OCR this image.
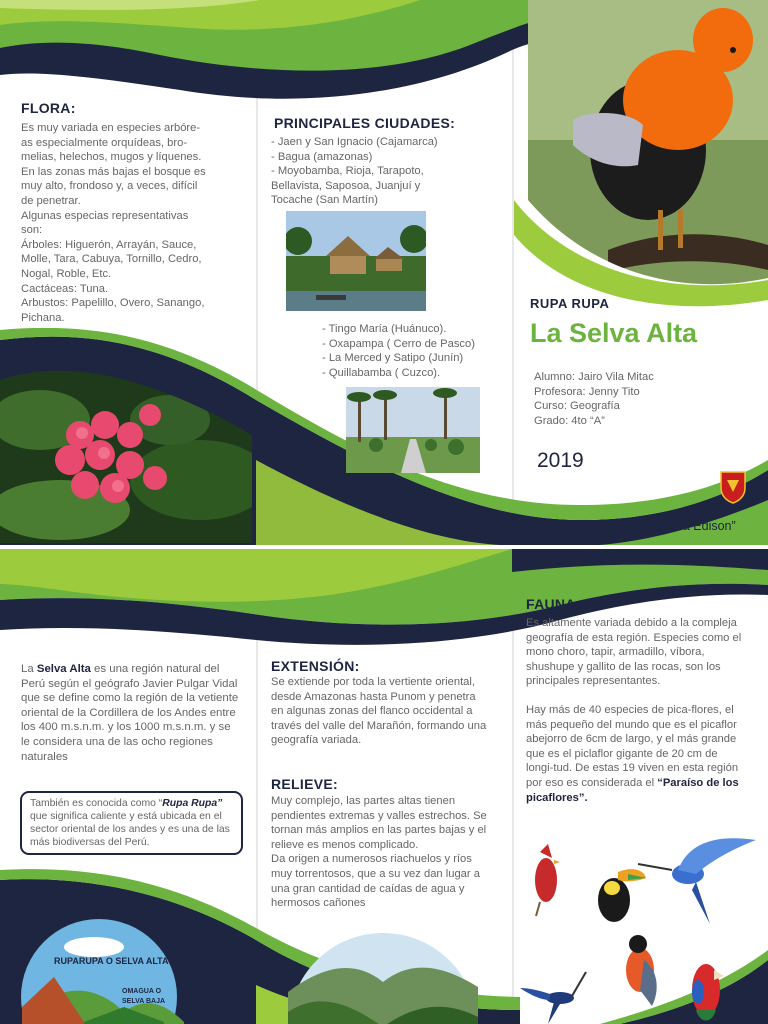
FLORA:

Es muy variada en especies arbóre-

as especialmente orquídeas, bro-

melias, helechos, mugos y líquenes.

En las zonas más bajas el bosque es

muy alto, frondoso y, a veces, difícil

de penetrar.

Algunas especias representativas

son:

Árboles: Higuerón, Arrayán, Sauce,

Molle, Tara, Cabuya, Tornillo, Cedro,

Nogal, Roble, Etc.

Cactáceas: Tuna.

Arbustos: Papelillo, Overo, Sanango,

Pichana.

PRINCIPALES CIUDADES:

- Jaen y San Ignacio (Cajamarca)

- Bagua (amazonas)

- Moyobamba, Rioja, Tarapoto,

Bellavista, Saposoa, Juanjuí y

Tocache (San Martín)

- Tingo María (Huánuco).

- Oxapampa ( Cerro de Pasco)

- La Merced y Satipo (Junín)

- Quillabamba ( Cuzco).

RUPA RUPA
La Selva Alta
Alumno: Jairo Vila Mitac
Profesora: Jenny Tito
Curso: Geografía
Grado: 4to “A”
2019
IEP “Thomás Alva Edison”
La Selva Alta es una región natural del Perú según el geógrafo Javier Pulgar Vidal que se define como la región de la vetiente oriental de la Cordillera de los Andes entre los 400 m.s.n.m. y los 1000 m.s.n.m. y se le considera una de las ocho regiones naturales
También es conocida como “Rupa Rupa” que significa caliente y está ubicada en el sector oriental de los andes y es una de las más biodiversas del Perú.
RUPARUPA O SELVA ALTA
OMAGUA O
SELVA BAJA
EXTENSIÓN:
Se extiende por toda la vertiente oriental, desde Amazonas hasta Punom y penetra en algunas zonas del flanco occidental a través del valle del Marañón, formando una geografía variada.
RELIEVE:

Muy complejo, las partes altas tienen pendientes extremas y valles estrechos. Se tornan más amplios en las partes bajas y el relieve es menos complicado.

Da origen a numerosos riachuelos y ríos muy torrentosos, que a su vez dan lugar a una gran cantidad de caídas de agua y hermosos cañones

FAUNA:

Es altamente variada debido a la compleja geografía de esta región. Especies como el mono choro, tapir, armadillo, víbora, shushupe y gallito de las rocas, son los principales representantes.

Hay más de 40 especies de pica-flores, el más pequeño del mundo que es el picaflor abejorro de 6cm de largo, y el más grande que es el piclaflor gigante de 20 cm de longi-tud. De estas 19 viven en esta región por eso es considerada el “Paraíso de los picaflores”.
